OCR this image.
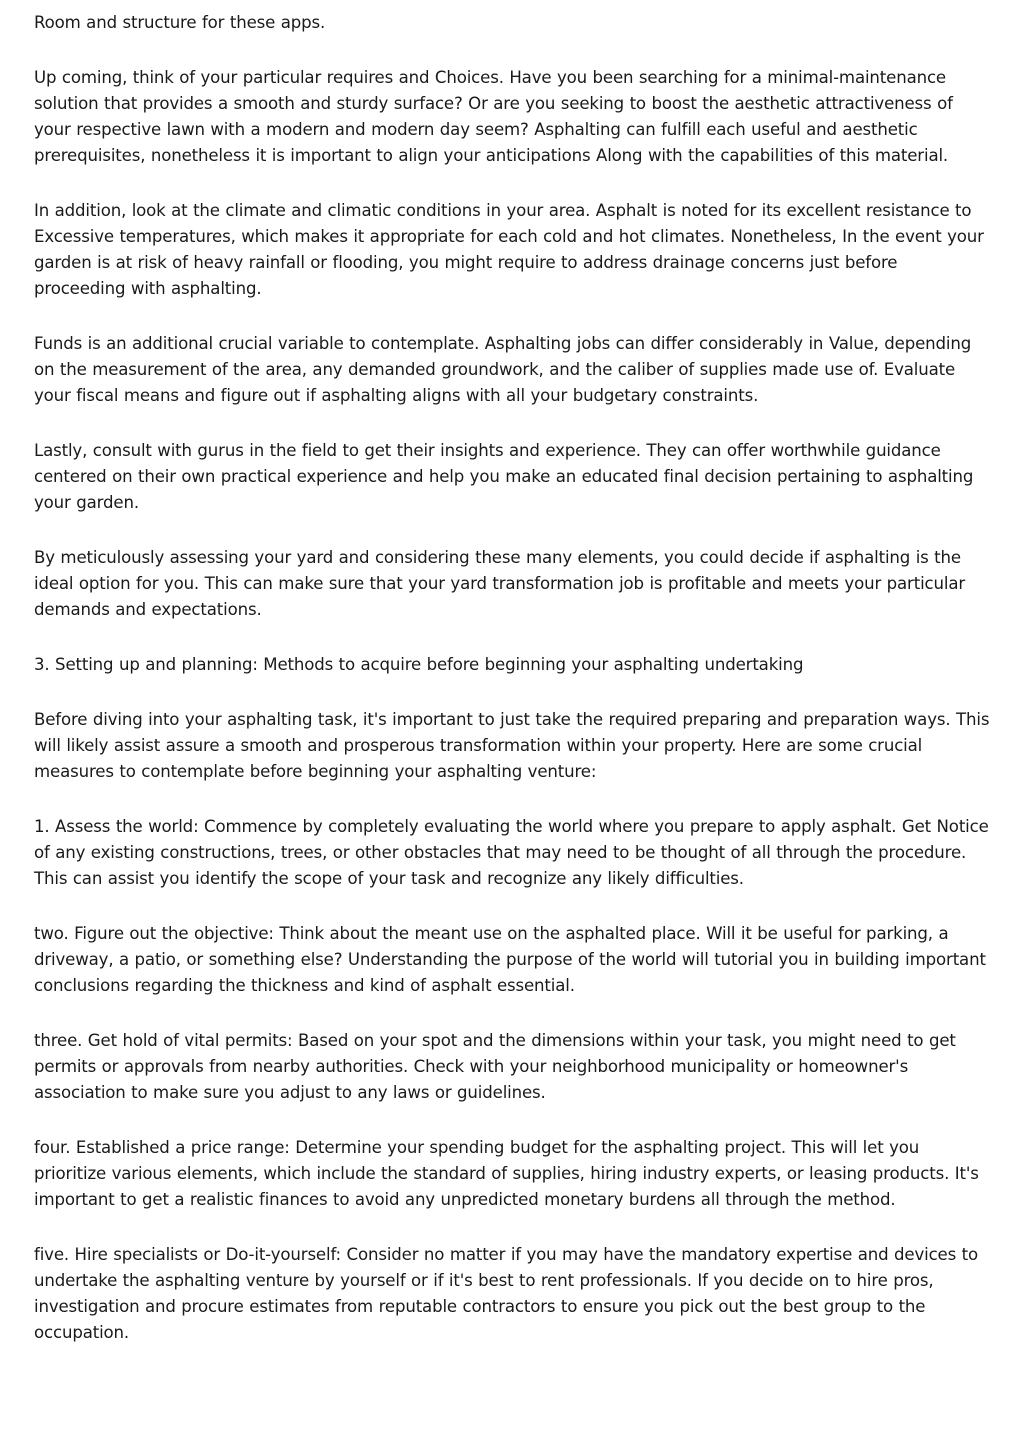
Room and structure for these apps.

Up coming, think of your particular requires and Choices. Have you been searching for a minimal-maintenance solution that provides a smooth and sturdy surface? Or are you seeking to boost the aesthetic attractiveness of your respective lawn with a modern and modern day seem? Asphalting can fulfill each useful and aesthetic prerequisites, nonetheless it is important to align your anticipations Along with the capabilities of this material.

In addition, look at the climate and climatic conditions in your area. Asphalt is noted for its excellent resistance to Excessive temperatures, which makes it appropriate for each cold and hot climates. Nonetheless, In the event your garden is at risk of heavy rainfall or flooding, you might require to address drainage concerns just before proceeding with asphalting.

Funds is an additional crucial variable to contemplate. Asphalting jobs can differ considerably in Value, depending on the measurement of the area, any demanded groundwork, and the caliber of supplies made use of. Evaluate your fiscal means and figure out if asphalting aligns with all your budgetary constraints.

Lastly, consult with gurus in the field to get their insights and experience. They can offer worthwhile guidance centered on their own practical experience and help you make an educated final decision pertaining to asphalting your garden.

By meticulously assessing your yard and considering these many elements, you could decide if asphalting is the ideal option for you. This can make sure that your yard transformation job is profitable and meets your particular demands and expectations.

3. Setting up and planning: Methods to acquire before beginning your asphalting undertaking

Before diving into your asphalting task, it's important to just take the required preparing and preparation ways. This will likely assist assure a smooth and prosperous transformation within your property. Here are some crucial measures to contemplate before beginning your asphalting venture:

1. Assess the world: Commence by completely evaluating the world where you prepare to apply asphalt. Get Notice of any existing constructions, trees, or other obstacles that may need to be thought of all through the procedure. This can assist you identify the scope of your task and recognize any likely difficulties.

two. Figure out the objective: Think about the meant use on the asphalted place. Will it be useful for parking, a driveway, a patio, or something else? Understanding the purpose of the world will tutorial you in building important conclusions regarding the thickness and kind of asphalt essential.

three. Get hold of vital permits: Based on your spot and the dimensions within your task, you might need to get permits or approvals from nearby authorities. Check with your neighborhood municipality or homeowner's association to make sure you adjust to any laws or guidelines.

four. Established a price range: Determine your spending budget for the asphalting project. This will let you prioritize various elements, which include the standard of supplies, hiring industry experts, or leasing products. It's important to get a realistic finances to avoid any unpredicted monetary burdens all through the method.

five. Hire specialists or Do-it-yourself: Consider no matter if you may have the mandatory expertise and devices to undertake the asphalting venture by yourself or if it's best to rent professionals. If you decide on to hire pros, investigation and procure estimates from reputable contractors to ensure you pick out the best group to the occupation.
